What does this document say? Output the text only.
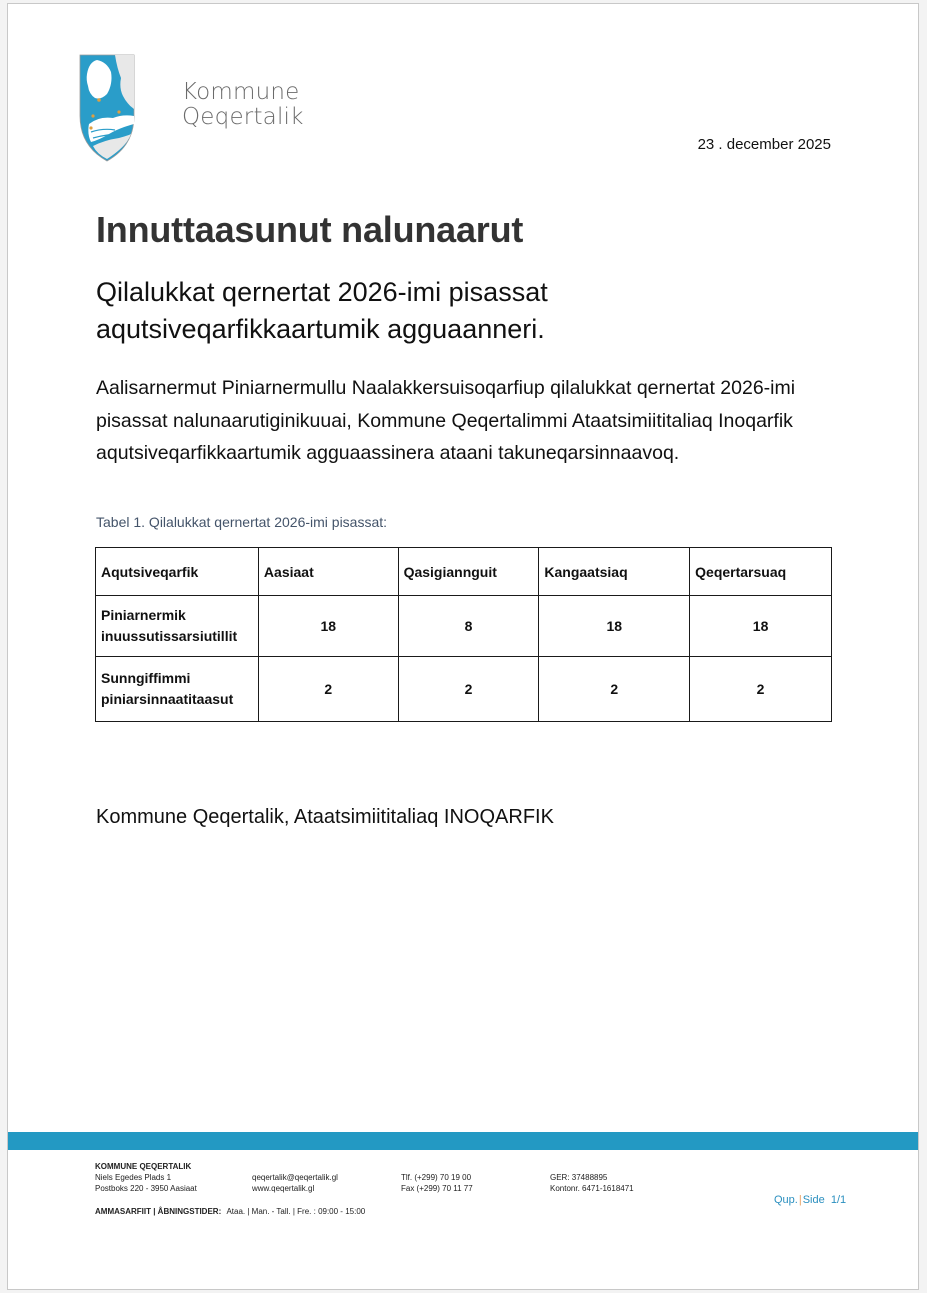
Kommune
Qeqertalik
23 . december 2025
Innuttaasunut nalunaarut
Qilalukkat qernertat 2026-imi pisassat aqutsiveqarfikkaartumik agguaanneri.

Aalisarnermut Piniarnermullu Naalakkersuisoqarfiup qilalukkat qernertat 2026-imi pisassat nalunaarutiginikuuai, Kommune Qeqertalimmi Ataatsimiititaliaq Inoqarfik aqutsiveqarfikkaartumik agguaassinera ataani takuneqarsinnaavoq.

Tabel 1. Qilalukkat qernertat 2026-imi pisassat:
Aqutsiveqarfik	Aasiaat	Qasigiannguit	Kangaatsiaq	Qeqertarsuaq

Piniarnermik
inuussutissarsiutillit	18	8	18	18

Sunngiffimmi
piniarsinnaatitaasut	2	2	2	2
Kommune Qeqertalik, Ataatsimiititaliaq INOQARFIK
KOMMUNE QEQERTALIK
Niels Egedes Plads 1
Postboks 220 - 3950 Aasiaat
qeqertalik@qeqertalik.gl
www.qeqertalik.gl
Tlf. (+299) 70 19 00
Fax (+299) 70 11 77
GER: 37488895
Kontonr. 6471-1618471
AMMASARFIIT | ÅBNINGSTIDER: Ataa. | Man. - Tall. | Fre. : 09:00 - 15:00
Qup.|Side  1/1
